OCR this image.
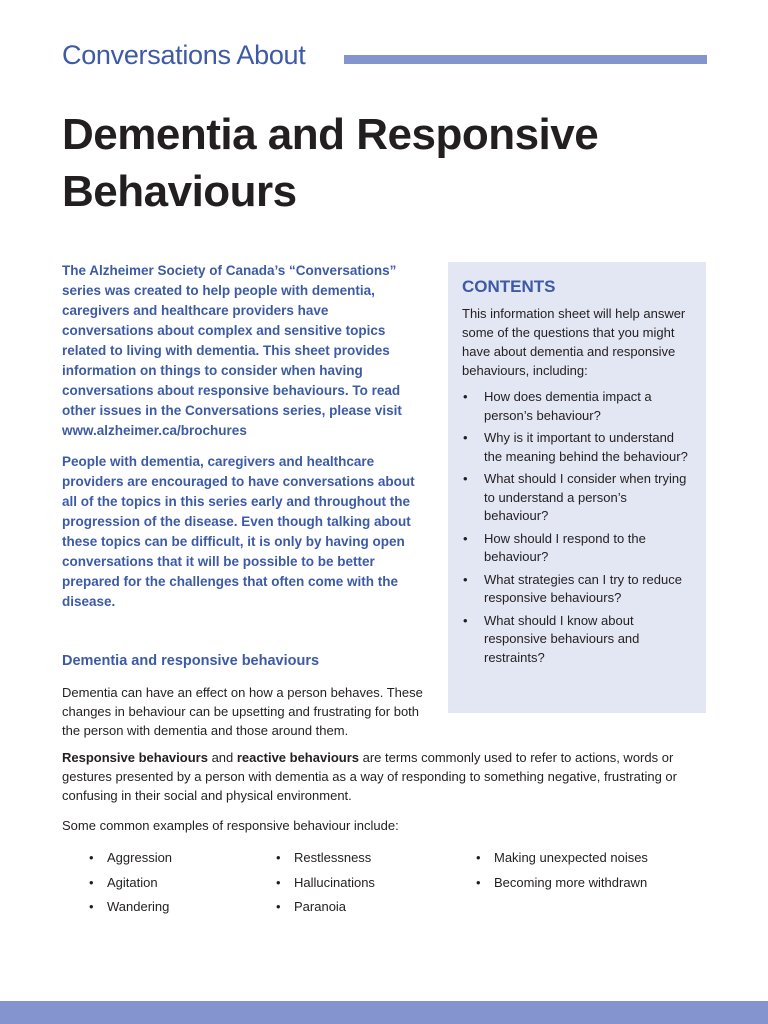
Conversations About
Dementia and Responsive Behaviours

The Alzheimer Society of Canada’s “Conversations” series was created to help people with dementia, caregivers and healthcare providers have conversations about complex and sensitive topics related to living with dementia. This sheet provides information on things to consider when having conversations about responsive behaviours. To read other issues in the Conversations series, please visit www.alzheimer.ca/brochures

People with dementia, caregivers and healthcare providers are encouraged to have conversations about all of the topics in this series early and throughout the progression of the disease. Even though talking about these topics can be difficult, it is only by having open conversations that it will be possible to be better prepared for the challenges that often come with the disease.

CONTENTS

This information sheet will help answer some of the questions that you might have about dementia and responsive behaviours, including:

• How does dementia impact a person’s behaviour?
• Why is it important to understand the meaning behind the behaviour?
• What should I consider when trying to understand a person’s behaviour?
• How should I respond to the behaviour?
• What strategies can I try to reduce responsive behaviours?
• What should I know about responsive behaviours and restraints?
Dementia and responsive behaviours

Dementia can have an effect on how a person behaves. These changes in behaviour can be upsetting and frustrating for both the person with dementia and those around them.

Responsive behaviours and reactive behaviours are terms commonly used to refer to actions, words or gestures presented by a person with dementia as a way of responding to something negative, frustrating or confusing in their social and physical environment.

Some common examples of responsive behaviour include:

• Aggression
• Agitation
• Wandering
• Restlessness
• Hallucinations
• Paranoia
• Making unexpected noises
• Becoming more withdrawn
